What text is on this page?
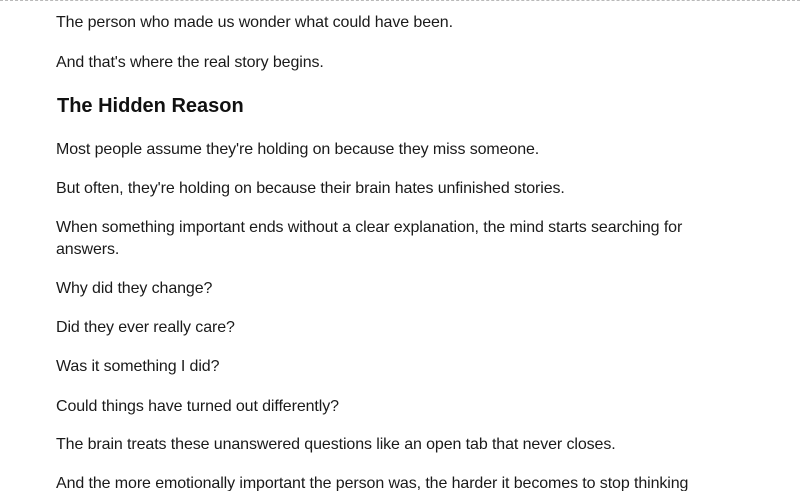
The person who made us wonder what could have been.

And that's where the real story begins.

The Hidden Reason

Most people assume they're holding on because they miss someone.

But often, they're holding on because their brain hates unfinished stories.

When something important ends without a clear explanation, the mind starts searching for answers.

Why did they change?

Did they ever really care?

Was it something I did?

Could things have turned out differently?

The brain treats these unanswered questions like an open tab that never closes.

And the more emotionally important the person was, the harder it becomes to stop thinking
